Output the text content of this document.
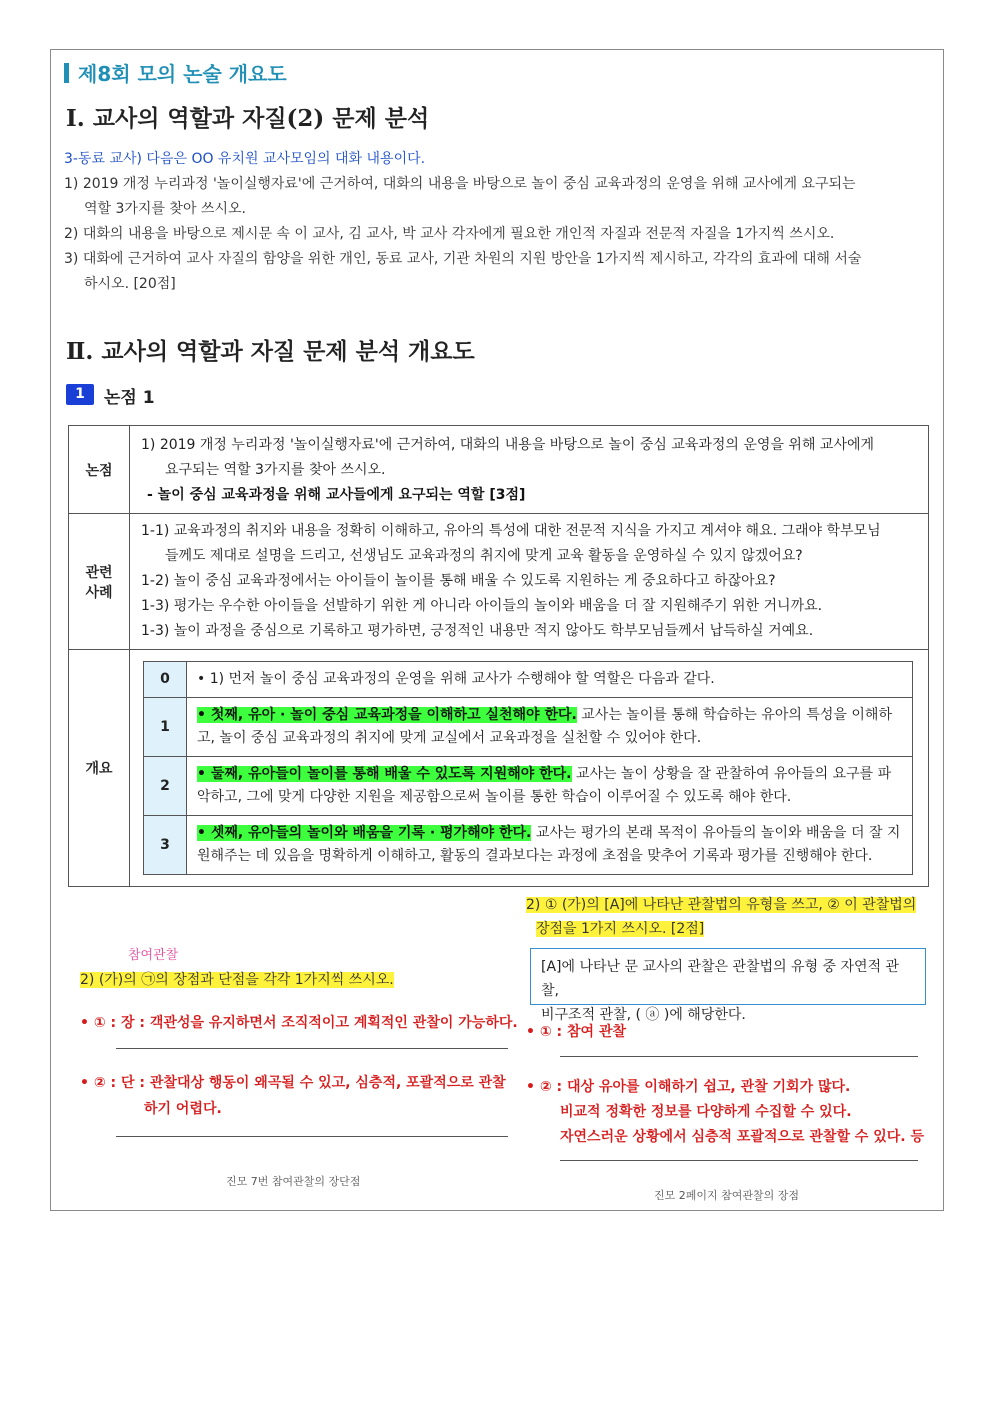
제8회 모의 논술 개요도
Ⅰ. 교사의 역할과 자질(2) 문제 분석
3-동료 교사) 다음은 OO 유치원 교사모임의 대화 내용이다.
1) 2019 개정 누리과정 '놀이실행자료'에 근거하여, 대화의 내용을 바탕으로 놀이 중심 교육과정의 운영을 위해 교사에게 요구되는
역할 3가지를 찾아 쓰시오.
2) 대화의 내용을 바탕으로 제시문 속 이 교사, 김 교사, 박 교사 각자에게 필요한 개인적 자질과 전문적 자질을 1가지씩 쓰시오.
3) 대화에 근거하여 교사 자질의 함양을 위한 개인, 동료 교사, 기관 차원의 지원 방안을 1가지씩 제시하고, 각각의 효과에 대해 서술
하시오. [20점]
Ⅱ. 교사의 역할과 자질 문제 분석 개요도
1	논점 1
논점	
1) 2019 개정 누리과정 '놀이실행자료'에 근거하여, 대화의 내용을 바탕으로 놀이 중심 교육과정의 운영을 위해 교사에게
요구되는 역할 3가지를 찾아 쓰시오.
- 놀이 중심 교육과정을 위해 교사들에게 요구되는 역할 [3점]

관련
사례

1-1) 교육과정의 취지와 내용을 정확히 이해하고, 유아의 특성에 대한 전문적 지식을 가지고 계셔야 해요. 그래야 학부모님
들께도 제대로 설명을 드리고, 선생님도 교육과정의 취지에 맞게 교육 활동을 운영하실 수 있지 않겠어요?
1-2) 놀이 중심 교육과정에서는 아이들이 놀이를 통해 배울 수 있도록 지원하는 게 중요하다고 하잖아요?
1-3) 평가는 우수한 아이들을 선발하기 위한 게 아니라 아이들의 놀이와 배움을 더 잘 지원해주기 위한 거니까요.
1-3) 놀이 과정을 중심으로 기록하고 평가하면, 긍정적인 내용만 적지 않아도 학부모님들께서 납득하실 거예요.

개요	
0	• 1) 먼저 놀이 중심 교육과정의 운영을 위해 교사가 수행해야 할 역할은 다음과 같다.
1	• 첫째, 유아 · 놀이 중심 교육과정을 이해하고 실천해야 한다. 교사는 놀이를 통해 학습하는 유아의 특성을 이해하고, 놀이 중심 교육과정의 취지에 맞게 교실에서 교육과정을 실천할 수 있어야 한다.
2	• 둘째, 유아들이 놀이를 통해 배울 수 있도록 지원해야 한다. 교사는 놀이 상황을 잘 관찰하여 유아들의 요구를 파악하고, 그에 맞게 다양한 지원을 제공함으로써 놀이를 통한 학습이 이루어질 수 있도록 해야 한다.
3	• 셋째, 유아들의 놀이와 배움을 기록 · 평가해야 한다. 교사는 평가의 본래 목적이 유아들의 놀이와 배움을 더 잘 지원해주는 데 있음을 명확하게 이해하고, 활동의 결과보다는 과정에 초점을 맞추어 기록과 평가를 진행해야 한다.
2) ① (가)의 [A]에 나타난 관찰법의 유형을 쓰고, ② 이 관찰법의
장점을 1가지 쓰시오. [2점]
[A]에 나타난 문 교사의 관찰은 관찰법의 유형 중 자연적 관찰,
비구조적 관찰, ( ⓐ )에 해당한다.
• ① : 참여 관찰
• ② : 대상 유아를 이해하기 쉽고, 관찰 기회가 많다.
비교적 정확한 정보를 다양하게 수집할 수 있다.
자연스러운 상황에서 심층적 포괄적으로 관찰할 수 있다. 등
진모 2페이지 참여관찰의 장점
참여관찰
2) (가)의 ㉠의 장점과 단점을 각각 1가지씩 쓰시오.
• ① : 장 : 객관성을 유지하면서 조직적이고 계획적인 관찰이 가능하다.
• ② : 단 : 관찰대상 행동이 왜곡될 수 있고, 심층적, 포괄적으로 관찰
하기 어렵다.
진모 7번 참여관찰의 장단점
